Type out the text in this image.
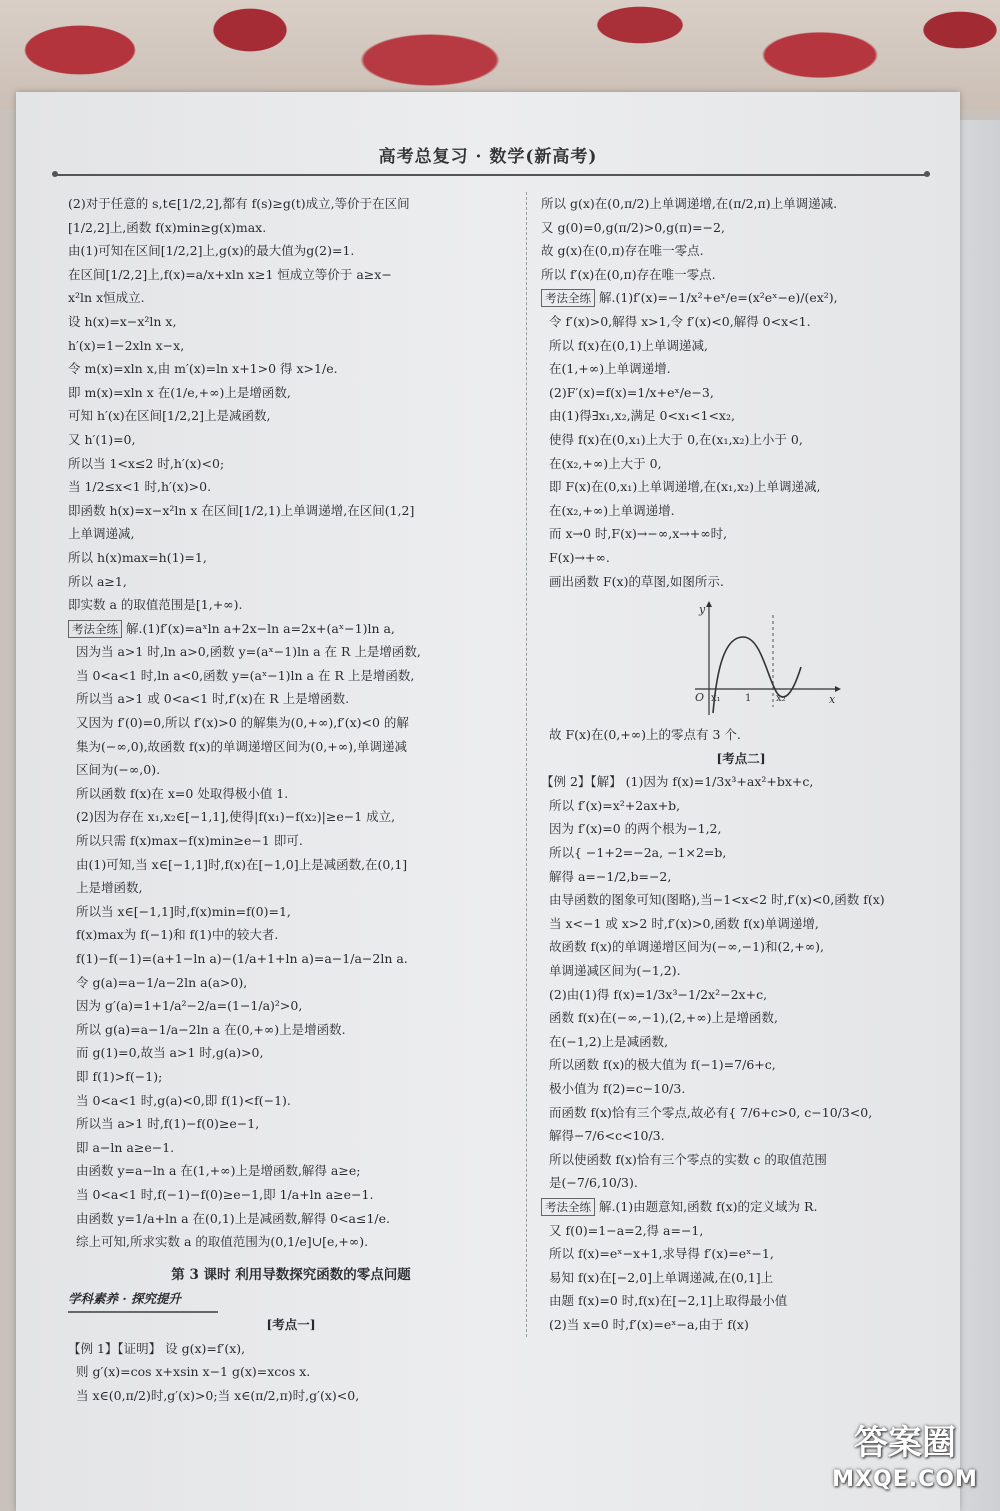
高考总复习 · 数学(新高考)
(2)对于任意的 s,t∈[1/2,2],都有 f(s)≥g(t)成立,等价于在区间
[1/2,2]上,函数 f(x)min≥g(x)max.
由(1)可知在区间[1/2,2]上,g(x)的最大值为g(2)=1.
在区间[1/2,2]上,f(x)=a/x+xln x≥1 恒成立等价于 a≥x−
x²ln x恒成立.
设 h(x)=x−x²ln x,
h′(x)=1−2xln x−x,
令 m(x)=xln x,由 m′(x)=ln x+1>0 得 x>1/e.
即 m(x)=xln x 在(1/e,+∞)上是增函数,
可知 h′(x)在区间[1/2,2]上是减函数,
又 h′(1)=0,
所以当 1<x≤2 时,h′(x)<0;
当 1/2≤x<1 时,h′(x)>0.
即函数 h(x)=x−x²ln x 在区间[1/2,1)上单调递增,在区间(1,2]
上单调递减,
所以 h(x)max=h(1)=1,
所以 a≥1,
即实数 a 的取值范围是[1,+∞).
考法全练 解.(1)f′(x)=aˣln a+2x−ln a=2x+(aˣ−1)ln a,
因为当 a>1 时,ln a>0,函数 y=(aˣ−1)ln a 在 R 上是增函数,
当 0<a<1 时,ln a<0,函数 y=(aˣ−1)ln a 在 R 上是增函数,
所以当 a>1 或 0<a<1 时,f′(x)在 R 上是增函数.
又因为 f′(0)=0,所以 f′(x)>0 的解集为(0,+∞),f′(x)<0 的解
集为(−∞,0),故函数 f(x)的单调递增区间为(0,+∞),单调递减
区间为(−∞,0).
所以函数 f(x)在 x=0 处取得极小值 1.
(2)因为存在 x₁,x₂∈[−1,1],使得|f(x₁)−f(x₂)|≥e−1 成立,
所以只需 f(x)max−f(x)min≥e−1 即可.
由(1)可知,当 x∈[−1,1]时,f(x)在[−1,0]上是减函数,在(0,1]
上是增函数,
所以当 x∈[−1,1]时,f(x)min=f(0)=1,
f(x)max为 f(−1)和 f(1)中的较大者.
f(1)−f(−1)=(a+1−ln a)−(1/a+1+ln a)=a−1/a−2ln a.
令 g(a)=a−1/a−2ln a(a>0),
因为 g′(a)=1+1/a²−2/a=(1−1/a)²>0,
所以 g(a)=a−1/a−2ln a 在(0,+∞)上是增函数.
而 g(1)=0,故当 a>1 时,g(a)>0,
即 f(1)>f(−1);
当 0<a<1 时,g(a)<0,即 f(1)<f(−1).
所以当 a>1 时,f(1)−f(0)≥e−1,
即 a−ln a≥e−1.
由函数 y=a−ln a 在(1,+∞)上是增函数,解得 a≥e;
当 0<a<1 时,f(−1)−f(0)≥e−1,即 1/a+ln a≥e−1.
由函数 y=1/a+ln a 在(0,1)上是减函数,解得 0<a≤1/e.
综上可知,所求实数 a 的取值范围为(0,1/e]∪[e,+∞).
第 3 课时 利用导数探究函数的零点问题
学科素养 · 探究提升
[考点一]
【例 1】【证明】 设 g(x)=f′(x),
则 g′(x)=cos x+xsin x−1 g(x)=xcos x.
当 x∈(0,π/2)时,g′(x)>0;当 x∈(π/2,π)时,g′(x)<0,
所以 g(x)在(0,π/2)上单调递增,在(π/2,π)上单调递减.
又 g(0)=0,g(π/2)>0,g(π)=−2,
故 g(x)在(0,π)存在唯一零点.
所以 f′(x)在(0,π)存在唯一零点.
考法全练 解.(1)f′(x)=−1/x²+eˣ/e=(x²eˣ−e)/(ex²),
令 f′(x)>0,解得 x>1,令 f′(x)<0,解得 0<x<1.
所以 f(x)在(0,1)上单调递减,
在(1,+∞)上单调递增.
(2)F′(x)=f(x)=1/x+eˣ/e−3,
由(1)得∃x₁,x₂,满足 0<x₁<1<x₂,
使得 f(x)在(0,x₁)上大于 0,在(x₁,x₂)上小于 0,
在(x₂,+∞)上大于 0,
即 F(x)在(0,x₁)上单调递增,在(x₁,x₂)上单调递减,
在(x₂,+∞)上单调递增.
而 x→0 时,F(x)→−∞,x→+∞时,
F(x)→+∞.
画出函数 F(x)的草图,如图所示.
y
x
O x₁ 1 x₂
故 F(x)在(0,+∞)上的零点有 3 个.
[考点二]
【例 2】【解】 (1)因为 f(x)=1/3x³+ax²+bx+c,
所以 f′(x)=x²+2ax+b,
因为 f′(x)=0 的两个根为−1,2,
所以{ −1+2=−2a, −1×2=b,
解得 a=−1/2,b=−2,
由导函数的图象可知(图略),当−1<x<2 时,f′(x)<0,函数 f(x)
当 x<−1 或 x>2 时,f′(x)>0,函数 f(x)单调递增,
故函数 f(x)的单调递增区间为(−∞,−1)和(2,+∞),
单调递减区间为(−1,2).
(2)由(1)得 f(x)=1/3x³−1/2x²−2x+c,
函数 f(x)在(−∞,−1),(2,+∞)上是增函数,
在(−1,2)上是减函数,
所以函数 f(x)的极大值为 f(−1)=7/6+c,
极小值为 f(2)=c−10/3.
而函数 f(x)恰有三个零点,故必有{ 7/6+c>0, c−10/3<0,
解得−7/6<c<10/3.
所以使函数 f(x)恰有三个零点的实数 c 的取值范围
是(−7/6,10/3).
考法全练 解.(1)由题意知,函数 f(x)的定义域为 R.
又 f(0)=1−a=2,得 a=−1,
所以 f(x)=eˣ−x+1,求导得 f′(x)=eˣ−1,
易知 f(x)在[−2,0]上单调递减,在(0,1]上
由题 f(x)=0 时,f(x)在[−2,1]上取得最小值
(2)当 x=0 时,f′(x)=eˣ−a,由于 f(x)
答案圈
MXQE.COM
